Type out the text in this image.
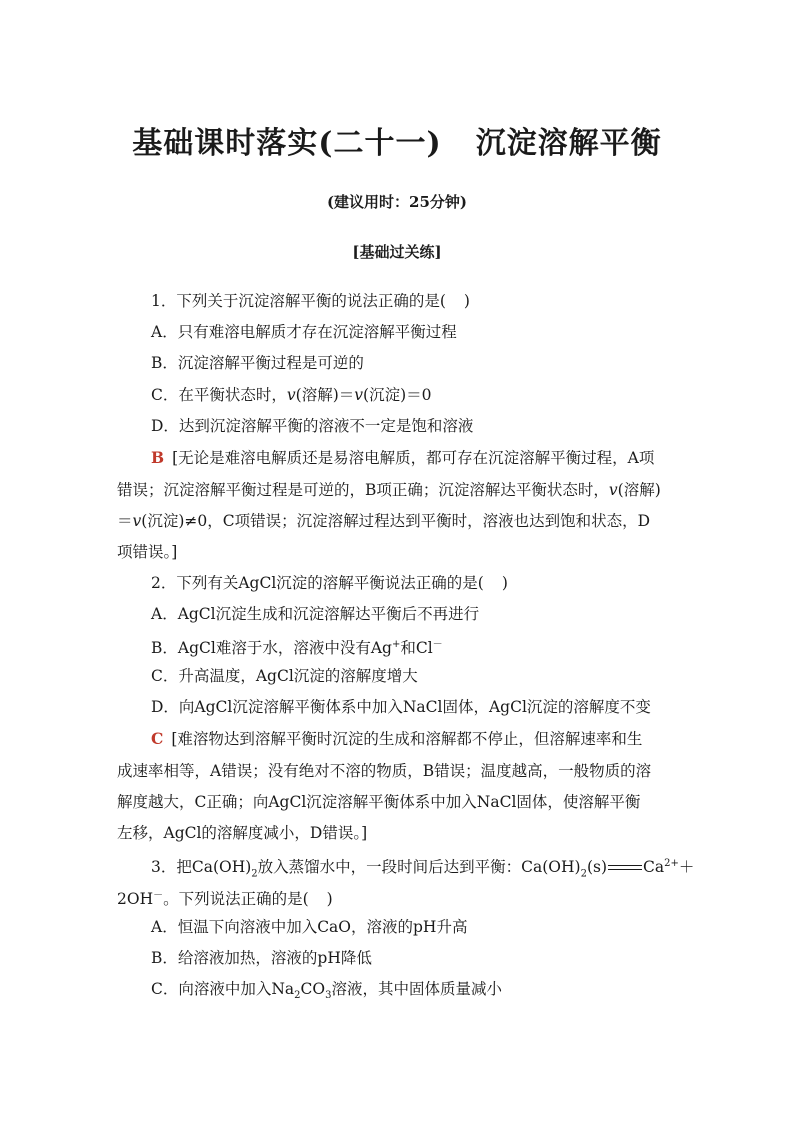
基础课时落实(二十一) 沉淀溶解平衡
(建议用时：25分钟)
[基础过关练]
1．下列关于沉淀溶解平衡的说法正确的是( )
A．只有难溶电解质才存在沉淀溶解平衡过程
B．沉淀溶解平衡过程是可逆的
C．在平衡状态时，v(溶解)＝v(沉淀)＝0
D．达到沉淀溶解平衡的溶液不一定是饱和溶液
B [无论是难溶电解质还是易溶电解质，都可存在沉淀溶解平衡过程，A项
错误；沉淀溶解平衡过程是可逆的，B项正确；沉淀溶解达平衡状态时，v(溶解)
＝v(沉淀)≠0，C项错误；沉淀溶解过程达到平衡时，溶液也达到饱和状态，D
项错误。]
2．下列有关AgCl沉淀的溶解平衡说法正确的是( )
A．AgCl沉淀生成和沉淀溶解达平衡后不再进行
B．AgCl难溶于水，溶液中没有Ag+和Cl－
C．升高温度，AgCl沉淀的溶解度增大
D．向AgCl沉淀溶解平衡体系中加入NaCl固体，AgCl沉淀的溶解度不变
C [难溶物达到溶解平衡时沉淀的生成和溶解都不停止，但溶解速率和生
成速率相等，A错误；没有绝对不溶的物质，B错误；温度越高，一般物质的溶
解度越大，C正确；向AgCl沉淀溶解平衡体系中加入NaCl固体，使溶解平衡
左移，AgCl的溶解度减小，D错误。]
3．把$Ca(OH)_2$放入蒸馏水中，一段时间后达到平衡：$Ca(OH)_2(s)$ $Ca^{2+}+$
2OH－。下列说法正确的是( )
A．恒温下向溶液中加入CaO，溶液的pH升高
B．给溶液加热，溶液的pH降低
C．向溶液中加入$Na_2CO_3$溶液，其中固体质量减小
